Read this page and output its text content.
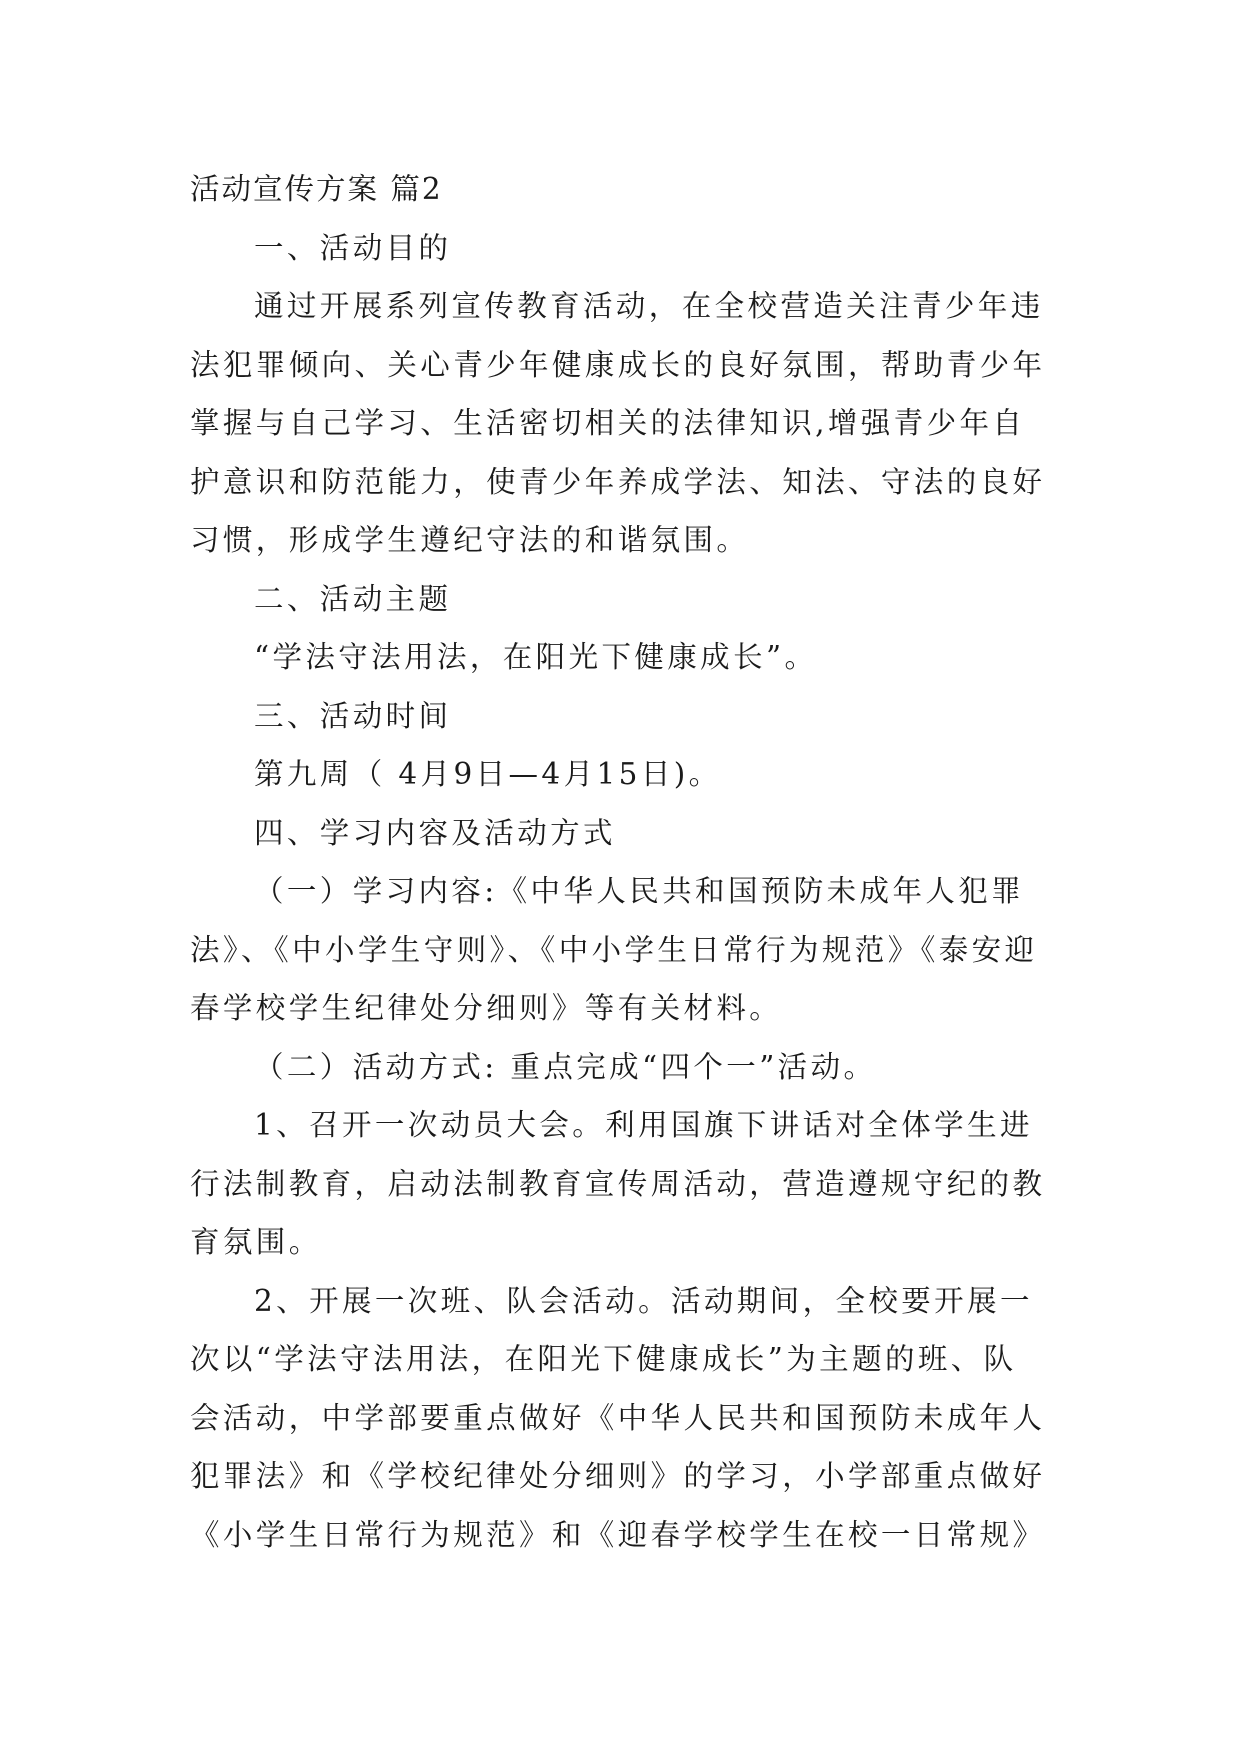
活动宣传方案 篇2

一、活动目的

通过开展系列宣传教育活动，在全校营造关注青少年违

法犯罪倾向、关心青少年健康成长的良好氛围，帮助青少年

掌握与自己学习、生活密切相关的法律知识,增强青少年自

护意识和防范能力，使青少年养成学法、知法、守法的良好

习惯，形成学生遵纪守法的和谐氛围。

二、活动主题

“学法守法用法，在阳光下健康成长”。

三、活动时间

第九周（ 4月9日—4月15日)。

四、学习内容及活动方式

（一）学习内容:《中华人民共和国预防未成年人犯罪

法》、《中小学生守则》、《中小学生日常行为规范》《泰安迎

春学校学生纪律处分细则》等有关材料。

（二）活动方式: 重点完成“四个一”活动。

1、召开一次动员大会。利用国旗下讲话对全体学生进

行法制教育，启动法制教育宣传周活动，营造遵规守纪的教

育氛围。

2、开展一次班、队会活动。活动期间，全校要开展一

次以“学法守法用法，在阳光下健康成长”为主题的班、队

会活动，中学部要重点做好《中华人民共和国预防未成年人

犯罪法》和《学校纪律处分细则》的学习，小学部重点做好

《小学生日常行为规范》和《迎春学校学生在校一日常规》
